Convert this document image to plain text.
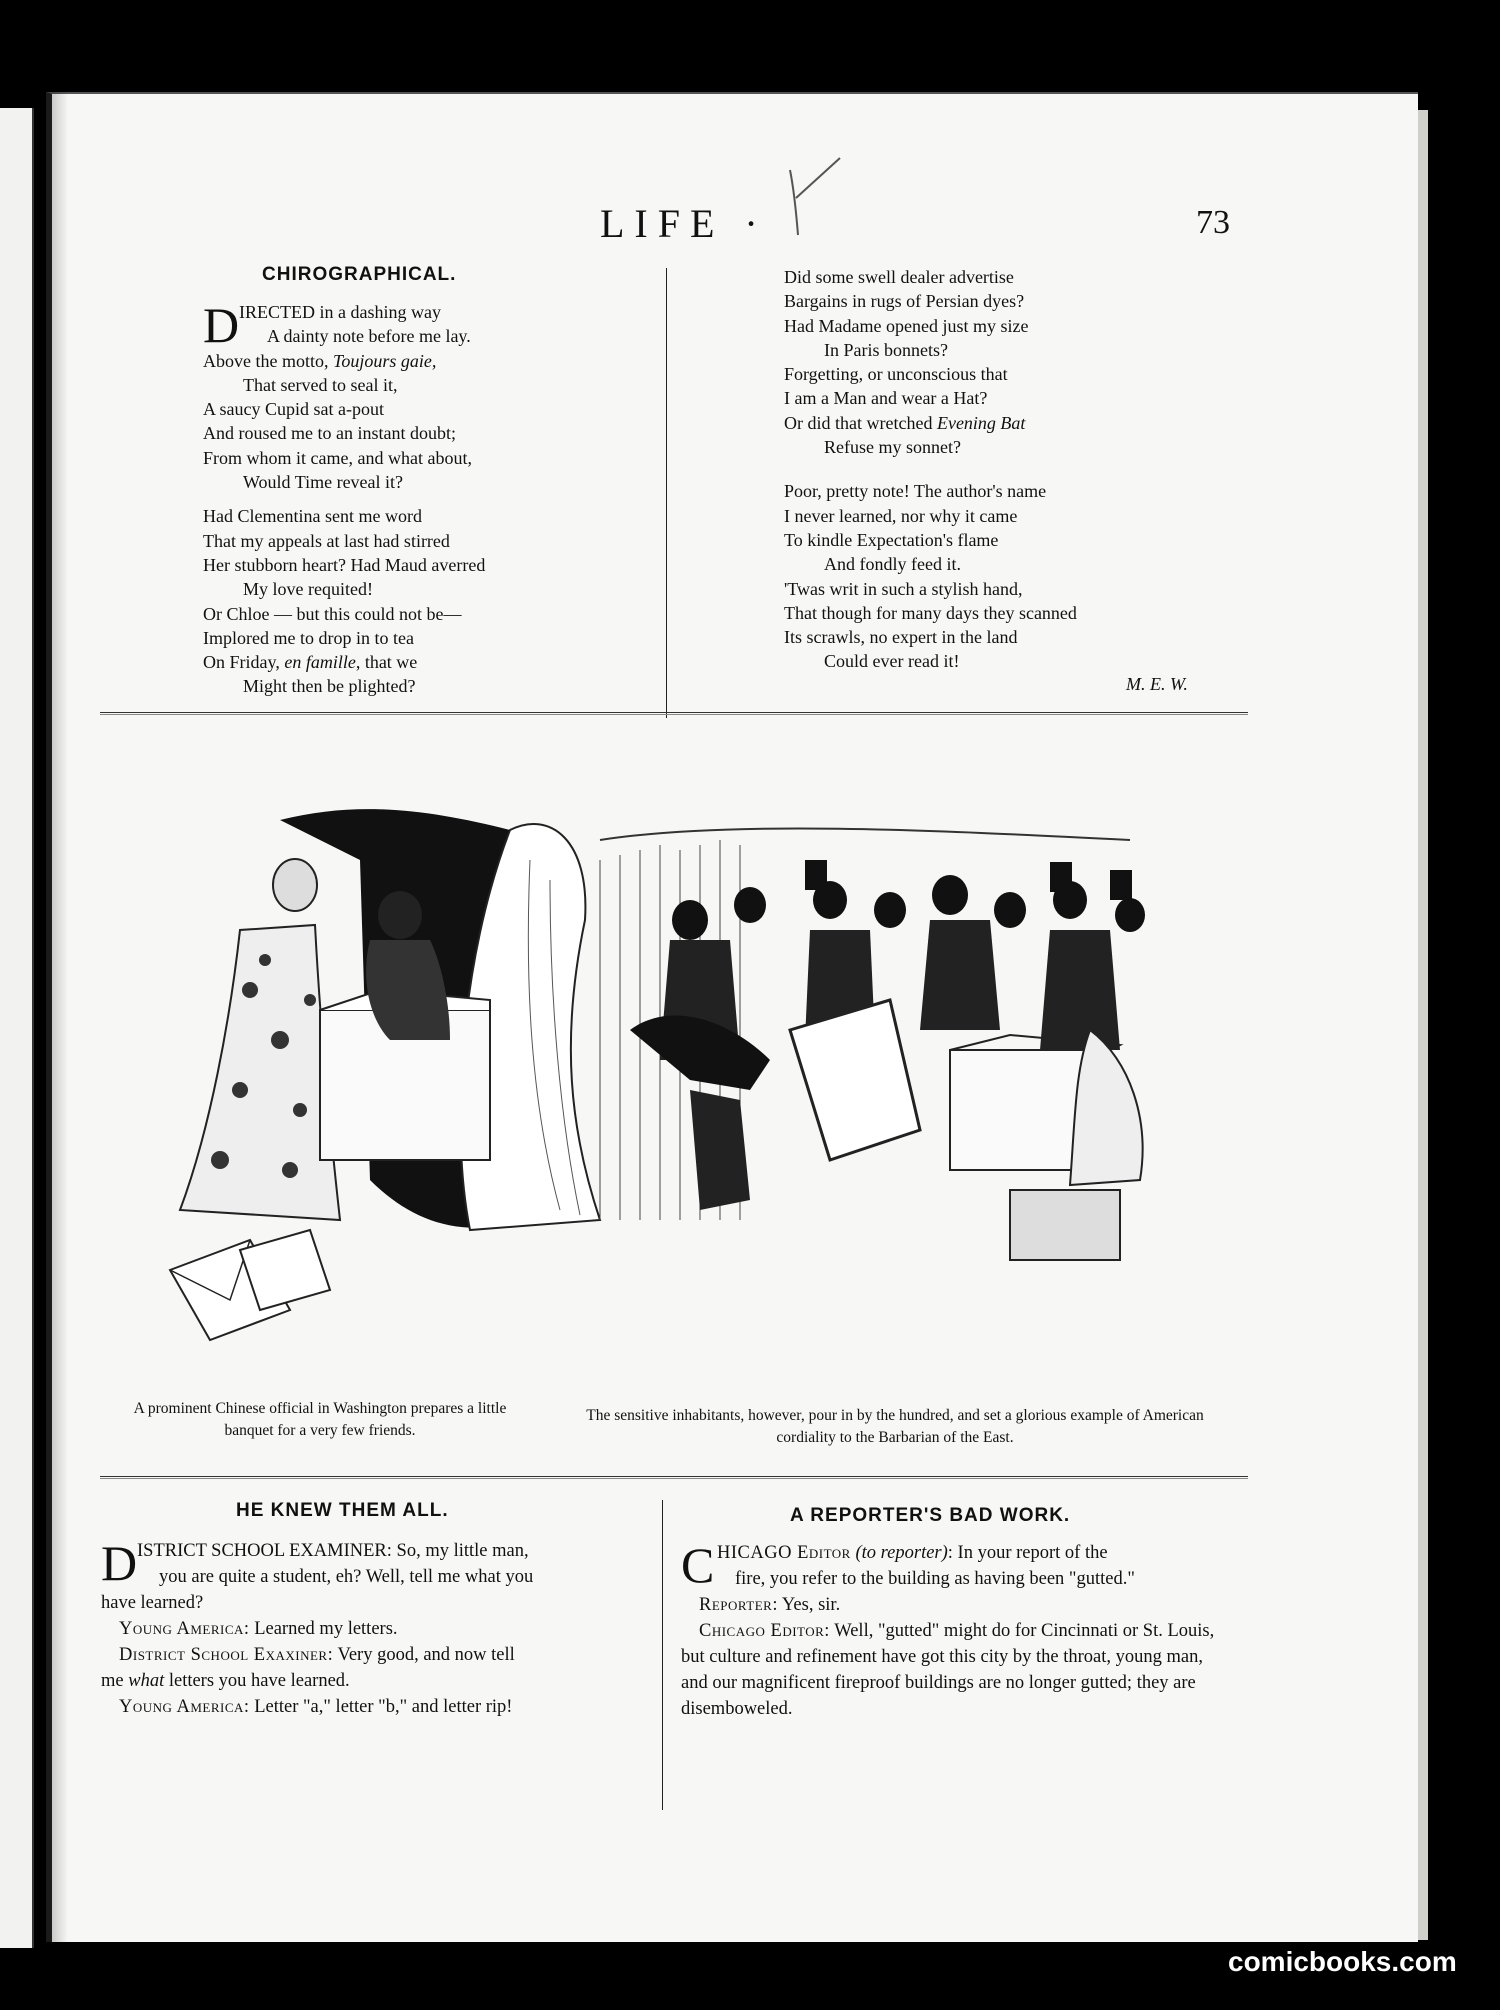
LIFE ·	73
CHIROGRAPHICAL.
D IRECTED in a dashing way
A dainty note before me lay.
Above the motto, Toujours gaie,
That served to seal it,
A saucy Cupid sat a-pout
And roused me to an instant doubt;
From whom it came, and what about,
Would Time reveal it?
Had Clementina sent me word
That my appeals at last had stirred
Her stubborn heart? Had Maud averred
My love requited!
Or Chloe — but this could not be—
Implored me to drop in to tea
On Friday, en famille, that we
Might then be plighted?
Did some swell dealer advertise
Bargains in rugs of Persian dyes?
Had Madame opened just my size
In Paris bonnets?
Forgetting, or unconscious that
I am a Man and wear a Hat?
Or did that wretched Evening Bat
Refuse my sonnet?
Poor, pretty note! The author's name
I never learned, nor why it came
To kindle Expectation's flame
And fondly feed it.
'Twas writ in such a stylish hand,
That though for many days they scanned
Its scrawls, no expert in the land
Could ever read it!
M. E. W.
A prominent Chinese official in Washington prepares a little banquet for a very few friends.
The sensitive inhabitants, however, pour in by the hundred, and set a glorious example of American cordiality to the Barbarian of the East.
HE KNEW THEM ALL.
D ISTRICT SCHOOL EXAMINER: So, my little man,

you are quite a student, eh? Well, tell me what you

have learned?

Young America: Learned my letters.

District School Exaxiner: Very good, and now tell

me what letters you have learned.

Young America: Letter "a," letter "b," and letter rip!

A REPORTER'S BAD WORK.
C HICAGO Editor (to reporter): In your report of the

fire, you refer to the building as having been "gutted."

Reporter: Yes, sir.

Chicago Editor: Well, "gutted" might do for Cincinnati or St. Louis, but culture and refinement have got this city by the throat, young man, and our magnificent fireproof buildings are no longer gutted; they are disemboweled.

comicbooks.com
